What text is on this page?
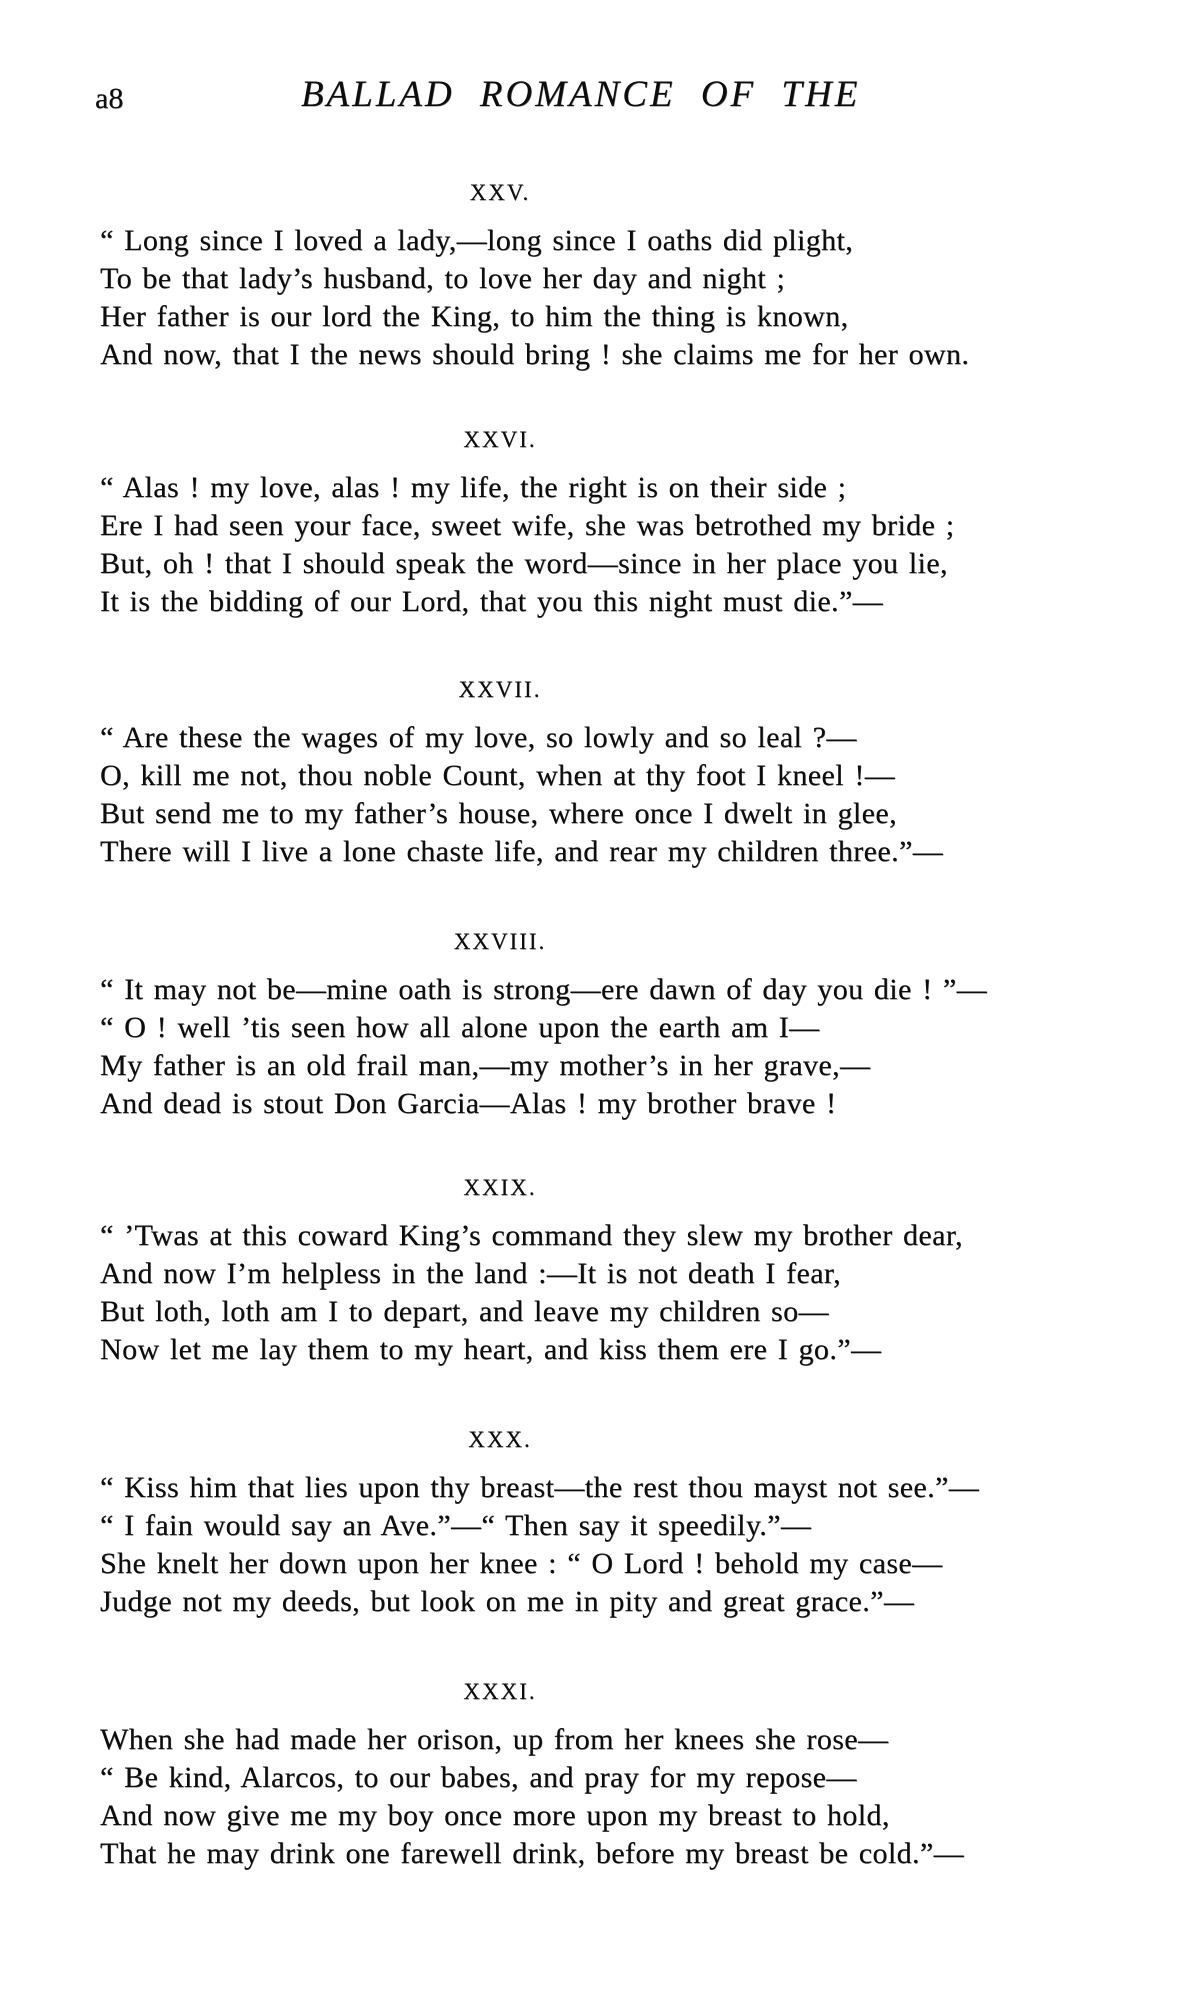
a8	BALLAD ROMANCE OF THE
XXV.
“ Long since I loved a lady,—long since I oaths did plight,
To be that lady’s husband, to love her day and night ;
Her father is our lord the King, to him the thing is known,
And now, that I the news should bring ! she claims me for her own.
XXVI.
“ Alas ! my love, alas ! my life, the right is on their side ;
Ere I had seen your face, sweet wife, she was betrothed my bride ;
But, oh ! that I should speak the word—since in her place you lie,
It is the bidding of our Lord, that you this night must die.”—
XXVII.
“ Are these the wages of my love, so lowly and so leal ?—
O, kill me not, thou noble Count, when at thy foot I kneel !—
But send me to my father’s house, where once I dwelt in glee,
There will I live a lone chaste life, and rear my children three.”—
XXVIII.
“ It may not be—mine oath is strong—ere dawn of day you die ! ”—
“ O ! well ’tis seen how all alone upon the earth am I—
My father is an old frail man,—my mother’s in her grave,—
And dead is stout Don Garcia—Alas ! my brother brave !
XXIX.
“ ’Twas at this coward King’s command they slew my brother dear,
And now I’m helpless in the land :—It is not death I fear,
But loth, loth am I to depart, and leave my children so—
Now let me lay them to my heart, and kiss them ere I go.”—
XXX.
“ Kiss him that lies upon thy breast—the rest thou mayst not see.”—
“ I fain would say an Ave.”—“ Then say it speedily.”—
She knelt her down upon her knee : “ O Lord ! behold my case—
Judge not my deeds, but look on me in pity and great grace.”—
XXXI.
When she had made her orison, up from her knees she rose—
“ Be kind, Alarcos, to our babes, and pray for my repose—
And now give me my boy once more upon my breast to hold,
That he may drink one farewell drink, before my breast be cold.”—
